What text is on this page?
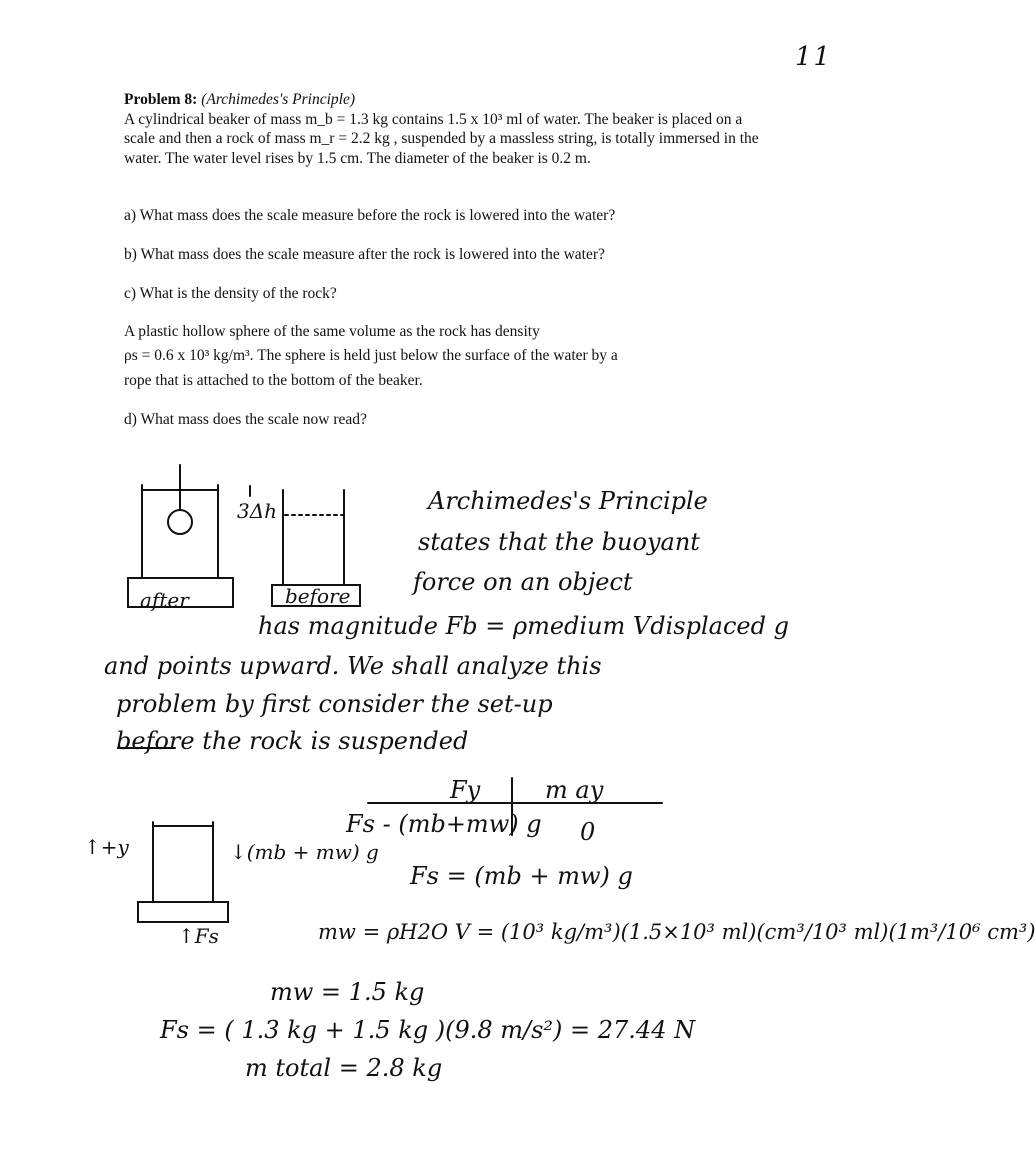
11

Problem 8: (Archimedes's Principle)

A cylindrical beaker of mass m_b = 1.3 kg contains 1.5 x 10³ ml of water. The beaker is placed on a scale and then a rock of mass m_r = 2.2 kg , suspended by a massless string, is totally immersed in the water. The water level rises by 1.5 cm. The diameter of the beaker is 0.2 m.

a) What mass does the scale measure before the rock is lowered into the water?

b) What mass does the scale measure after the rock is lowered into the water?

c) What is the density of the rock?

A plastic hollow sphere of the same volume as the rock has density

ρs = 0.6 x 10³ kg/m³. The sphere is held just below the surface of the water by a

rope that is attached to the bottom of the beaker.

d) What mass does the scale now read?

after	before
3Δh
↑+y
↑Fs
↓(mb + mw) g
Archimedes's Principle
states that the buoyant
force on an object
has magnitude Fb = ρmedium Vdisplaced g
and points upward. We shall analyze this
problem by first consider the set-up
before the rock is suspended
Fy	m ay
Fs - (mb+mw) g 0
Fs = (mb + mw) g
mw = ρH2O V = (10³ kg/m³)(1.5×10³ ml)(cm³/10³ ml)(1m³/10⁶ cm³)
mw = 1.5 kg
Fs = ( 1.3 kg + 1.5 kg )(9.8 m/s²) = 27.44 N
m total = 2.8 kg
